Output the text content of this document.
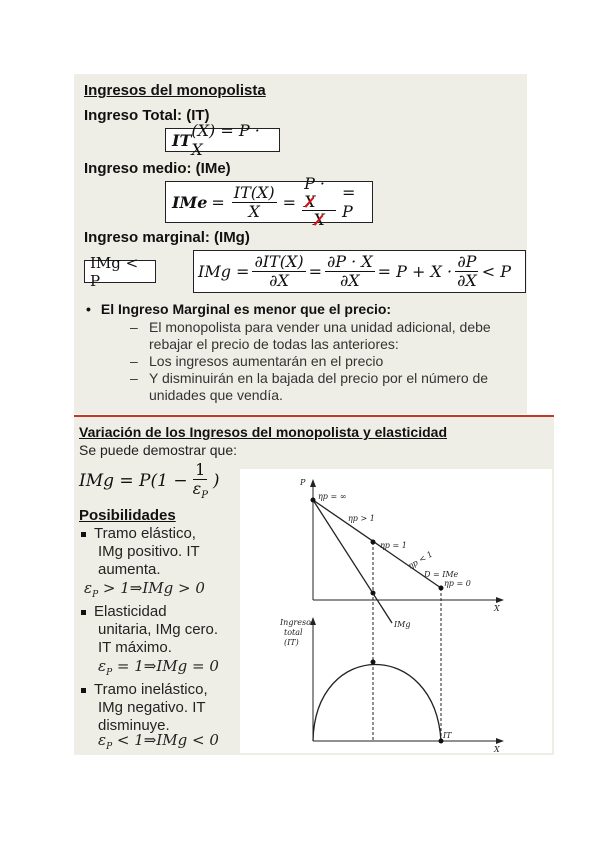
Ingresos del monopolista
Ingreso Total: (IT)
IT (X) = P · X
Ingreso medio: (IMe)
IMe = $\frac{IT(X)}{X} = \frac{P \cdot X}{X} = P$
Ingreso marginal: (IMg)
IMg < P	IMg = $\frac{\partial IT(X)}{\partial X} = \frac{\partial P \cdot X}{\partial X} = P + X \cdot \frac{\partial P}{\partial X} < P$
• El Ingreso Marginal es menor que el precio:
– El monopolista para vender una unidad adicional, debe
rebajar el precio de todas las anteriores:
– Los ingresos aumentarán en el precio
– Y disminuirán en la bajada del precio por el número de
unidades que vendía.
Variación de los Ingresos del monopolista y elasticidad
Se puede demostrar que:
IMg = $P(1 - \frac{1}{\varepsilon_P}$ )
Posibilidades
Tramo elástico,
IMg positivo. IT
aumenta.
$\varepsilon_P$ > 1⇒IMg > 0
Elasticidad
unitaria, IMg cero.
IT máximo.
$\varepsilon_P$ = 1⇒IMg = 0
Tramo inelástico,
IMg negativo. IT
disminuye.
$\varepsilon_P$ < 1⇒IMg < 0
P
X
ηp = ∞
ηp > 1
ηp = 1
ηp < 1
ηp = 0
D = IMe
IMg
Ingreso
total
(IT)
X
IT
